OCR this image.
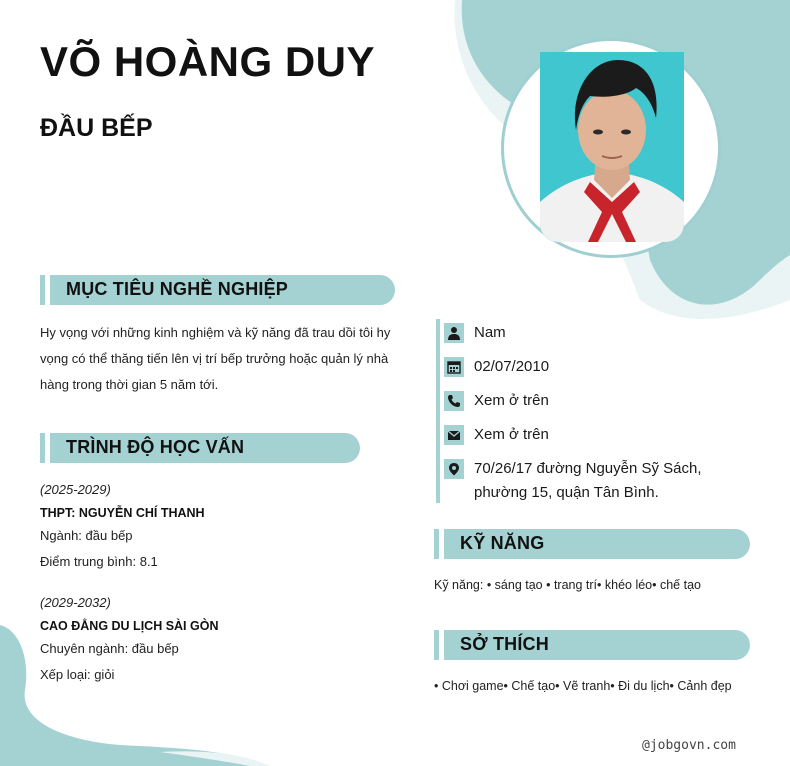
VÕ HOÀNG DUY
ĐẦU BẾP
MỤC TIÊU NGHỀ NGHIỆP

Hy vọng với những kinh nghiệm và kỹ năng đã trau dồi tôi hy vọng có thể thăng tiến lên vị trí bếp trưởng hoặc quản lý nhà hàng trong thời gian 5 năm tới.

TRÌNH ĐỘ HỌC VẤN
(2025-2029)
THPT: NGUYỄN CHÍ THANH
Ngành: đầu bếp
Điểm trung bình: 8.1
(2029-2032)
CAO ĐẲNG DU LỊCH SÀI GÒN
Chuyên ngành: đầu bếp
Xếp loại: giỏi
Nam
02/07/2010
Xem ở trên
Xem ở trên
70/26/17 đường Nguyễn Sỹ Sách,
phường 15, quận Tân Bình.
KỸ NĂNG

Kỹ năng: • sáng tạo • trang trí• khéo léo• chế tạo

SỞ THÍCH

• Chơi game• Chế tạo• Vẽ tranh• Đi du lịch• Cảnh đẹp

@jobgovn.com
